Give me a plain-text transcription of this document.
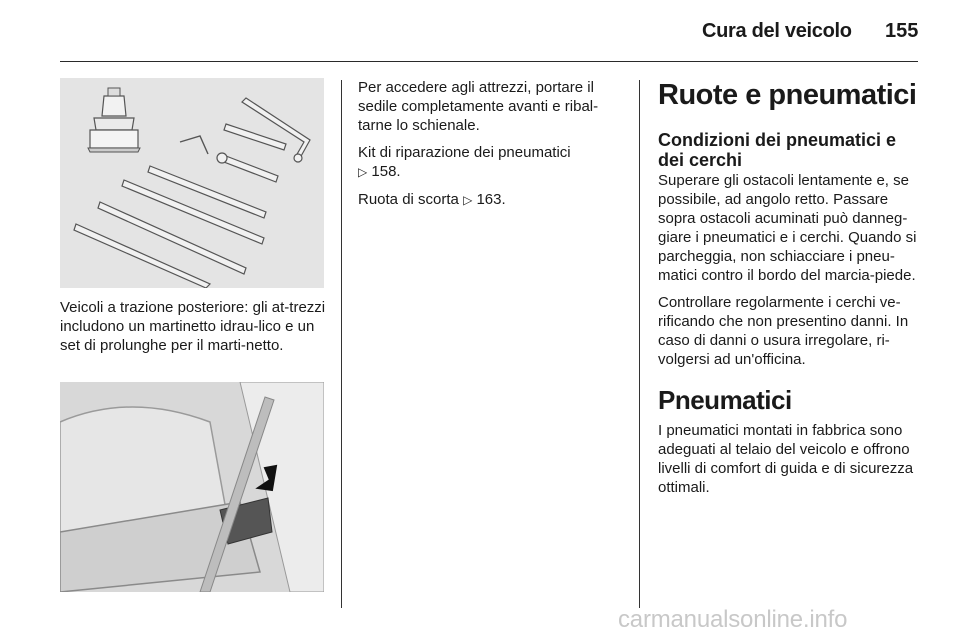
Cura del veicolo 155

Veicoli a trazione posteriore: gli at-trezzi includono un martinetto idrau-lico e un set di prolunghe per il marti-netto.

Per accedere agli attrezzi, portare il sedile completamente avanti e ribal-tarne lo schienale.

Kit di riparazione dei pneumatici
▷ 158.

Ruota di scorta ▷ 163.

Ruote e pneumatici
Condizioni dei pneumatici e dei cerchi

Superare gli ostacoli lentamente e, se possibile, ad angolo retto. Passare sopra ostacoli acuminati può danneg-giare i pneumatici e i cerchi. Quando si parcheggia, non schiacciare i pneu-matici contro il bordo del marcia-piede.

Controllare regolarmente i cerchi ve-rificando che non presentino danni. In caso di danni o usura irregolare, ri-volgersi ad un'officina.

Pneumatici

I pneumatici montati in fabbrica sono adeguati al telaio del veicolo e offrono livelli di comfort di guida e di sicurezza ottimali.

carmanualsonline.info
